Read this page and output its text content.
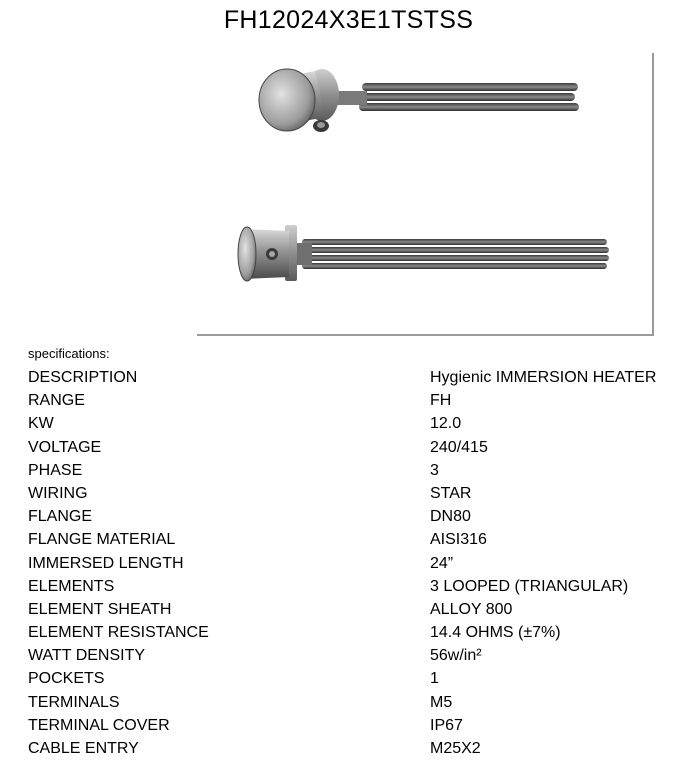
FH12024X3E1TSTSS
specifications:
DESCRIPTION	Hygienic IMMERSION HEATER
RANGE	FH
KW	12.0
VOLTAGE	240/415
PHASE	3
WIRING	STAR
FLANGE	DN80
FLANGE MATERIAL	AISI316
IMMERSED LENGTH	24”
ELEMENTS	3 LOOPED (TRIANGULAR)
ELEMENT SHEATH	ALLOY 800
ELEMENT RESISTANCE	14.4 OHMS (±7%)
WATT DENSITY	56w/in²
POCKETS	1
TERMINALS	M5
TERMINAL COVER	IP67
CABLE ENTRY	M25X2
